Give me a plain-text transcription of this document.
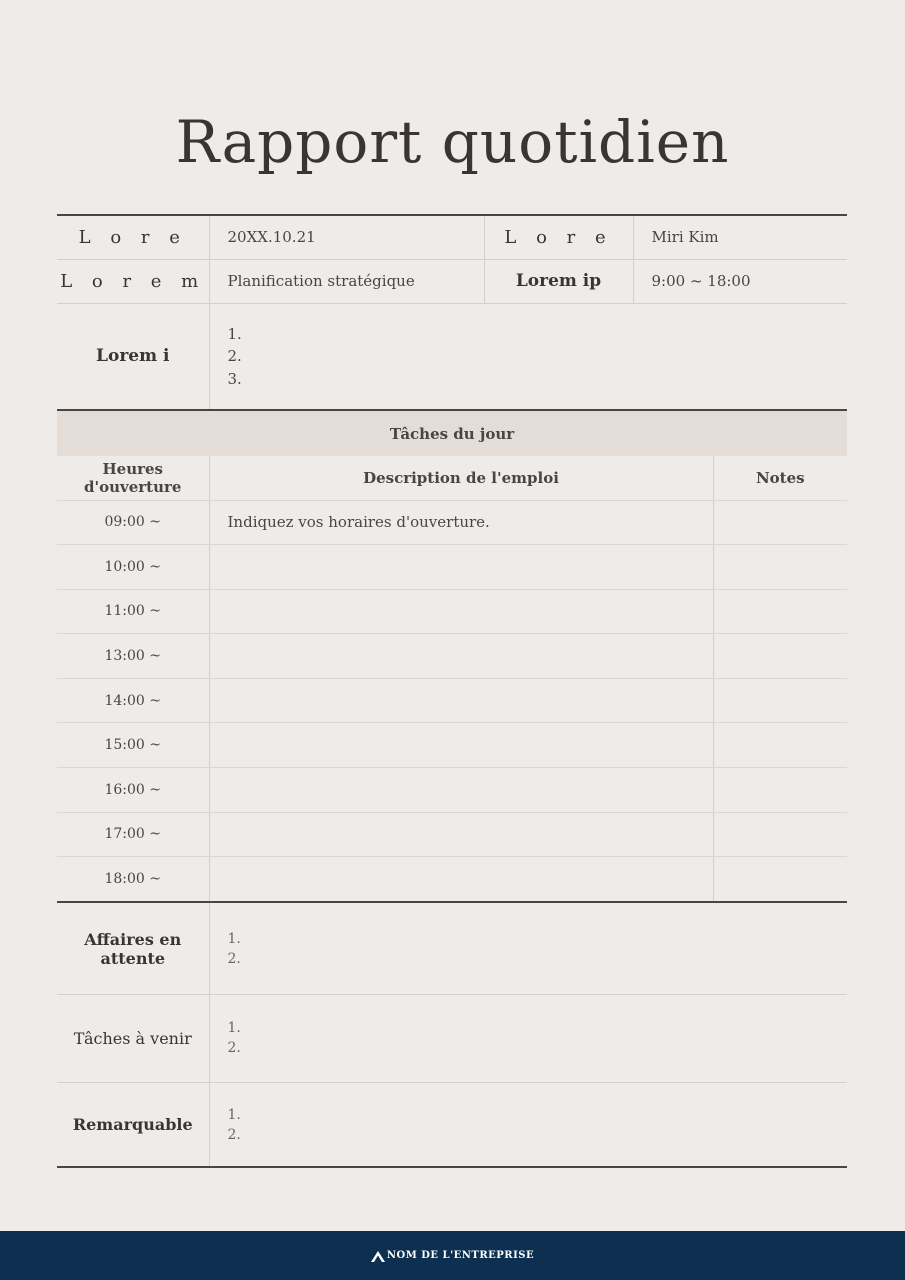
Rapport quotidien
L o r e	20XX.10.21	L o r e	Miri Kim
L o r e m	Planification stratégique	Lorem ip	9:00 ~ 18:00
Lorem i	1.
2.
3.		
Tâches du jour		
Heures d'ouverture	Description de l'emploi	Notes
09:00 ~	Indiquez vos horaires d'ouverture.	
10:00 ~		
11:00 ~		
13:00 ~		
14:00 ~		
15:00 ~		
16:00 ~		
17:00 ~		
18:00 ~		
Affaires en attente	1.
2.

Tâches à venir	1.
2.

Remarquable	1.
2.
NOM DE L'ENTREPRISE
